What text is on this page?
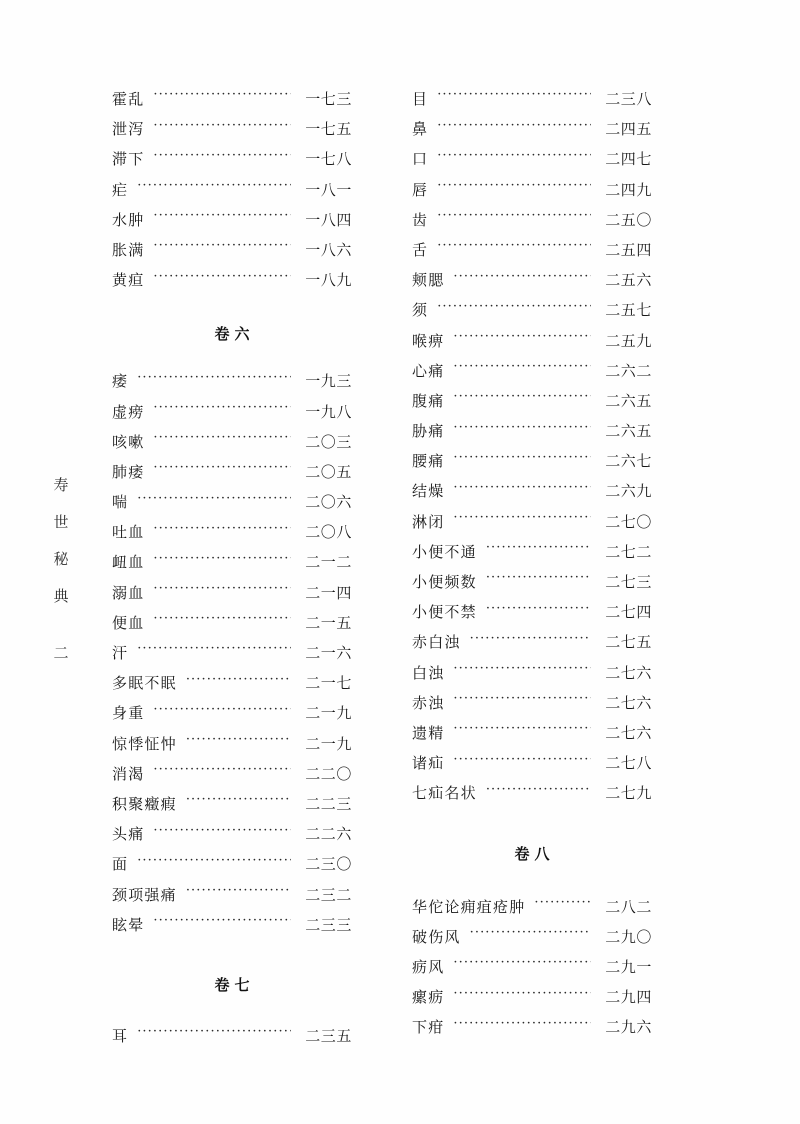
寿
世
秘
典
二
霍乱 ·····	一七三
泄泻 ·····	一七五
滞下 ·····	一七八
疟 ·····	一八一
水肿 ·····	一八四
胀满 ·····	一八六
黄疸 ·····	一八九
卷六
痿 ·····	一九三
虚痨 ·····	一九八
咳嗽 ·····	二〇三
肺痿 ·····	二〇五
喘 ·····	二〇六
吐血 ·····	二〇八
衄血 ·····	二一二
溺血 ·····	二一四
便血 ·····	二一五
汗 ·····	二一六
多眠不眠 ·····	二一七
身重 ·····	二一九
惊悸怔忡 ·····	二一九
消渴 ·····	二二〇
积聚癥瘕 ·····	二二三
头痛 ·····	二二六
面 ·····	二三〇
颈项强痛 ·····	二三二
眩晕 ·····	二三三
卷七
耳 ·····	二三五
目 ·····	二三八
鼻 ·····	二四五
口 ·····	二四七
唇 ·····	二四九
齿 ·····	二五〇
舌 ·····	二五四
颊腮 ·····	二五六
须 ·····	二五七
喉痹 ·····	二五九
心痛 ·····	二六二
腹痛 ·····	二六五
胁痛 ·····	二六五
腰痛 ·····	二六七
结燥 ·····	二六九
淋闭 ·····	二七〇
小便不通 ·····	二七二
小便频数 ·····	二七三
小便不禁 ·····	二七四
赤白浊 ·····	二七五
白浊 ·····	二七六
赤浊 ·····	二七六
遗精 ·····	二七六
诸疝 ·····	二七八
七疝名状 ·····	二七九
卷八
华佗论痈疽疮肿 ·····	二八二
破伤风 ·····	二九〇
疬风 ·····	二九一
瘰疬 ·····	二九四
下疳 ·····	二九六
